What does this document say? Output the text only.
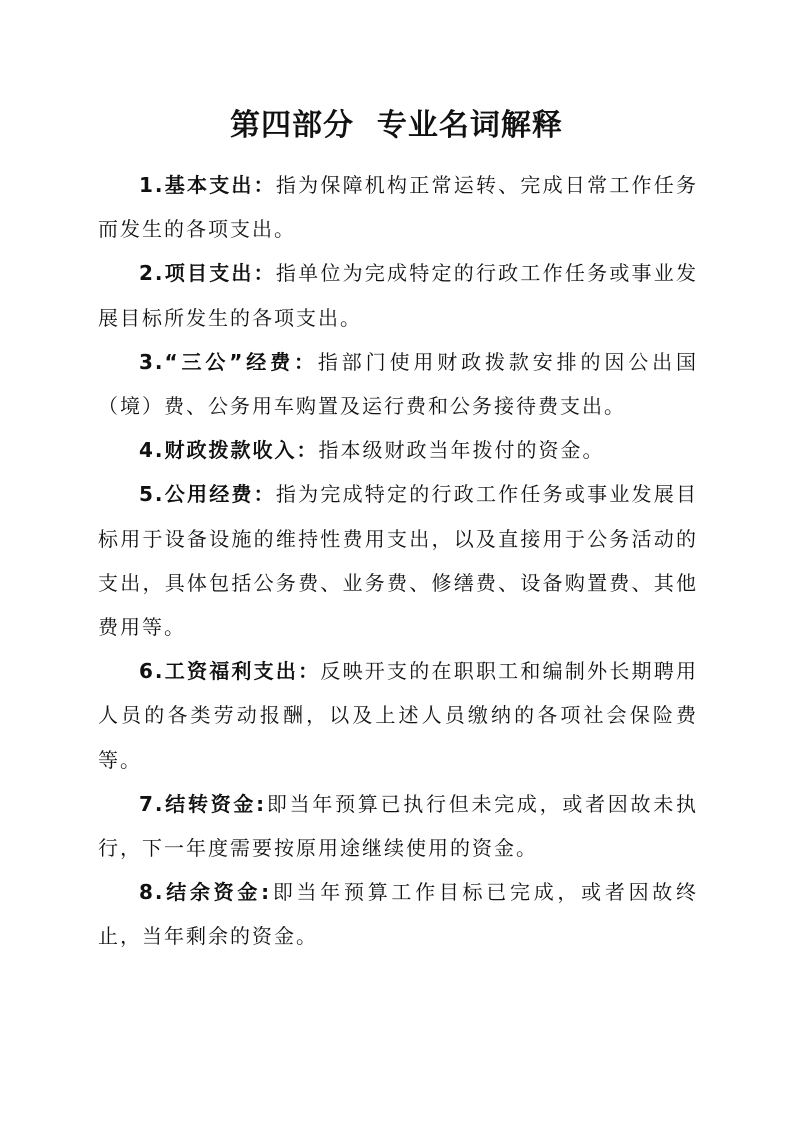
第四部分  专业名词解释

1.基本支出：指为保障机构正常运转、完成日常工作任务而发生的各项支出。

2.项目支出：指单位为完成特定的行政工作任务或事业发展目标所发生的各项支出。

3.“三公”经费：指部门使用财政拨款安排的因公出国（境）费、公务用车购置及运行费和公务接待费支出。

4.财政拨款收入：指本级财政当年拨付的资金。

5.公用经费：指为完成特定的行政工作任务或事业发展目标用于设备设施的维持性费用支出，以及直接用于公务活动的支出，具体包括公务费、业务费、修缮费、设备购置费、其他费用等。

6.工资福利支出：反映开支的在职职工和编制外长期聘用人员的各类劳动报酬，以及上述人员缴纳的各项社会保险费等。

7.结转资金:即当年预算已执行但未完成，或者因故未执行，下一年度需要按原用途继续使用的资金。

8.结余资金:即当年预算工作目标已完成，或者因故终止，当年剩余的资金。
